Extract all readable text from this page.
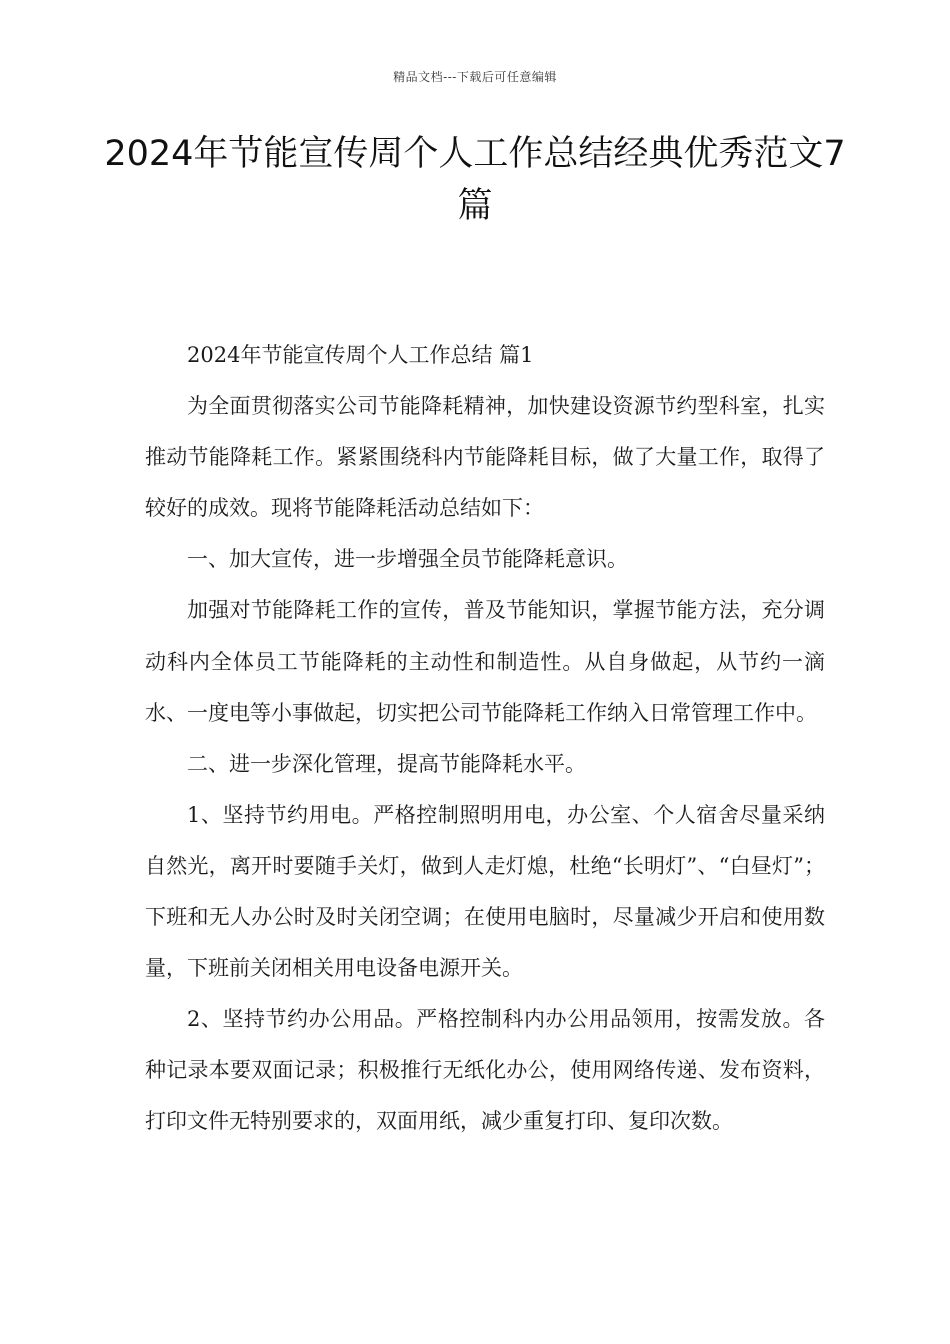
精品文档---下载后可任意编辑
2024年节能宣传周个人工作总结经典优秀范文7篇

2024年节能宣传周个人工作总结 篇1

为全面贯彻落实公司节能降耗精神，加快建设资源节约型科室，扎实推动节能降耗工作。紧紧围绕科内节能降耗目标，做了大量工作，取得了较好的成效。现将节能降耗活动总结如下：

一、加大宣传，进一步增强全员节能降耗意识。

加强对节能降耗工作的宣传，普及节能知识，掌握节能方法，充分调动科内全体员工节能降耗的主动性和制造性。从自身做起，从节约一滴水、一度电等小事做起，切实把公司节能降耗工作纳入日常管理工作中。

二、进一步深化管理，提高节能降耗水平。

1、坚持节约用电。严格控制照明用电，办公室、个人宿舍尽量采纳自然光，离开时要随手关灯，做到人走灯熄，杜绝“长明灯”、“白昼灯”；下班和无人办公时及时关闭空调；在使用电脑时，尽量减少开启和使用数量，下班前关闭相关用电设备电源开关。

2、坚持节约办公用品。严格控制科内办公用品领用，按需发放。各种记录本要双面记录；积极推行无纸化办公，使用网络传递、发布资料，打印文件无特别要求的，双面用纸，减少重复打印、复印次数。
